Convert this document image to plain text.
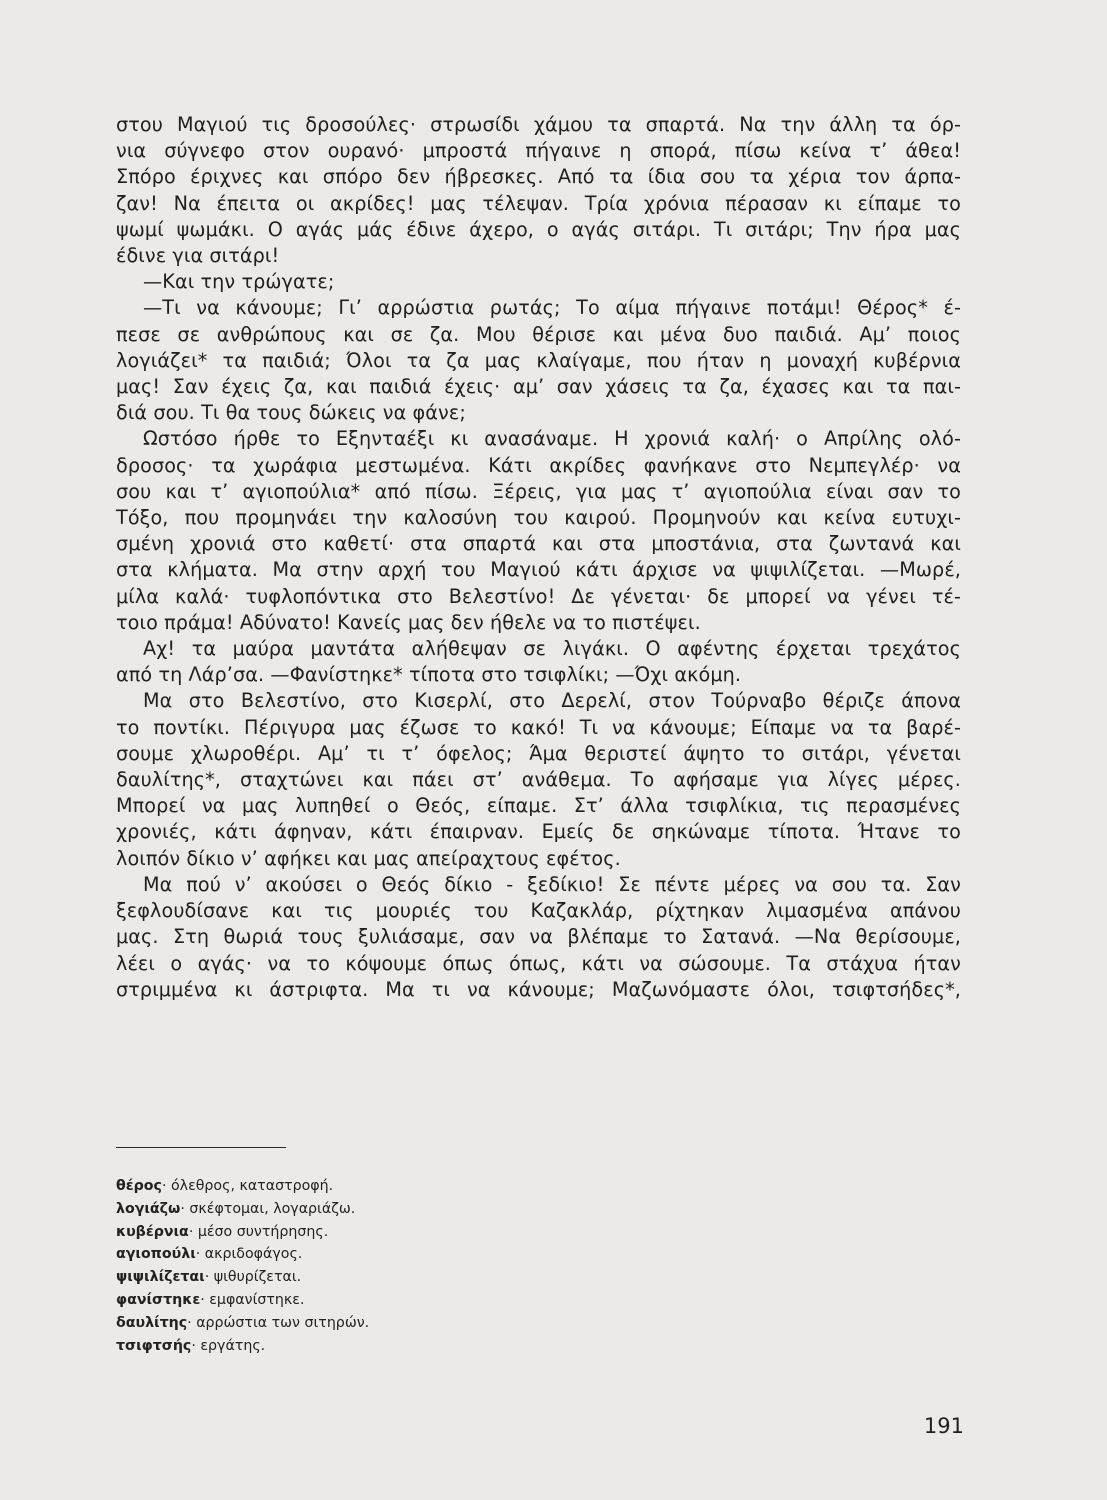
στου Μαγιού τις δροσούλες· στρωσίδι χάμου τα σπαρτά. Να την άλλη τα όρ-
νια σύγνεφο στον ουρανό· μπροστά πήγαινε η σπορά, πίσω κείνα τ’ άθεα!
Σπόρο έριχνες και σπόρο δεν ήβρεσκες. Από τα ίδια σου τα χέρια τον άρπα-
ζαν! Να έπειτα οι ακρίδες! μας τέλεψαν. Τρία χρόνια πέρασαν κι είπαμε το
ψωμί ψωμάκι. Ο αγάς μάς έδινε άχερο, ο αγάς σιτάρι. Τι σιτάρι; Την ήρα μας
έδινε για σιτάρι!
—Και την τρώγατε;
—Τι να κάνουμε; Γι’ αρρώστια ρωτάς; Το αίμα πήγαινε ποτάμι! Θέρος* έ-
πεσε σε ανθρώπους και σε ζα. Μου θέρισε και μένα δυο παιδιά. Αμ’ ποιος
λογιάζει* τα παιδιά; Όλοι τα ζα μας κλαίγαμε, που ήταν η μοναχή κυβέρνια
μας! Σαν έχεις ζα, και παιδιά έχεις· αμ’ σαν χάσεις τα ζα, έχασες και τα παι-
διά σου. Τι θα τους δώκεις να φάνε;
Ωστόσο ήρθε το Εξηνταέξι κι ανασάναμε. Η χρονιά καλή· ο Απρίλης ολό-
δροσος· τα χωράφια μεστωμένα. Κάτι ακρίδες φανήκανε στο Νεμπεγλέρ· να
σου και τ’ αγιοπούλια* από πίσω. Ξέρεις, για μας τ’ αγιοπούλια είναι σαν το
Τόξο, που προμηνάει την καλοσύνη του καιρού. Προμηνούν και κείνα ευτυχι-
σμένη χρονιά στο καθετί· στα σπαρτά και στα μποστάνια, στα ζωντανά και
στα κλήματα. Μα στην αρχή του Μαγιού κάτι άρχισε να ψιψιλίζεται. —Μωρέ,
μίλα καλά· τυφλοπόντικα στο Βελεστίνο! Δε γένεται· δε μπορεί να γένει τέ-
τοιο πράμα! Αδύνατο! Κανείς μας δεν ήθελε να το πιστέψει.
Αχ! τα μαύρα μαντάτα αλήθεψαν σε λιγάκι. Ο αφέντης έρχεται τρεχάτος
από τη Λάρ’σα. —Φανίστηκε* τίποτα στο τσιφλίκι; —Όχι ακόμη.
Μα στο Βελεστίνο, στο Κισερλί, στο Δερελί, στον Τούρναβο θέριζε άπονα
το ποντίκι. Πέριγυρα μας έζωσε το κακό! Τι να κάνουμε; Είπαμε να τα βαρέ-
σουμε χλωροθέρι. Αμ’ τι τ’ όφελος; Άμα θεριστεί άψητο το σιτάρι, γένεται
δαυλίτης*, σταχτώνει και πάει στ’ ανάθεμα. Το αφήσαμε για λίγες μέρες.
Μπορεί να μας λυπηθεί ο Θεός, είπαμε. Στ’ άλλα τσιφλίκια, τις περασμένες
χρονιές, κάτι άφηναν, κάτι έπαιρναν. Εμείς δε σηκώναμε τίποτα. Ήτανε το
λοιπόν δίκιο ν’ αφήκει και μας απείραχτους εφέτος.
Μα πού ν’ ακούσει ο Θεός δίκιο - ξεδίκιο! Σε πέντε μέρες να σου τα. Σαν
ξεφλουδίσανε και τις μουριές του Καζακλάρ, ρίχτηκαν λιμασμένα απάνου
μας. Στη θωριά τους ξυλιάσαμε, σαν να βλέπαμε το Σατανά. —Να θερίσουμε,
λέει ο αγάς· να το κόψουμε όπως όπως, κάτι να σώσουμε. Τα στάχυα ήταν
στριμμένα κι άστριφτα. Μα τι να κάνουμε; Μαζωνόμαστε όλοι, τσιφτσήδες*,
θέρος· όλεθρος, καταστροφή.
λογιάζω· σκέφτομαι, λογαριάζω.
κυβέρνια· μέσο συντήρησης.
αγιοπούλι· ακριδοφάγος.
ψιψιλίζεται· ψιθυρίζεται.
φανίστηκε· εμφανίστηκε.
δαυλίτης· αρρώστια των σιτηρών.
τσιφτσής· εργάτης.
191
